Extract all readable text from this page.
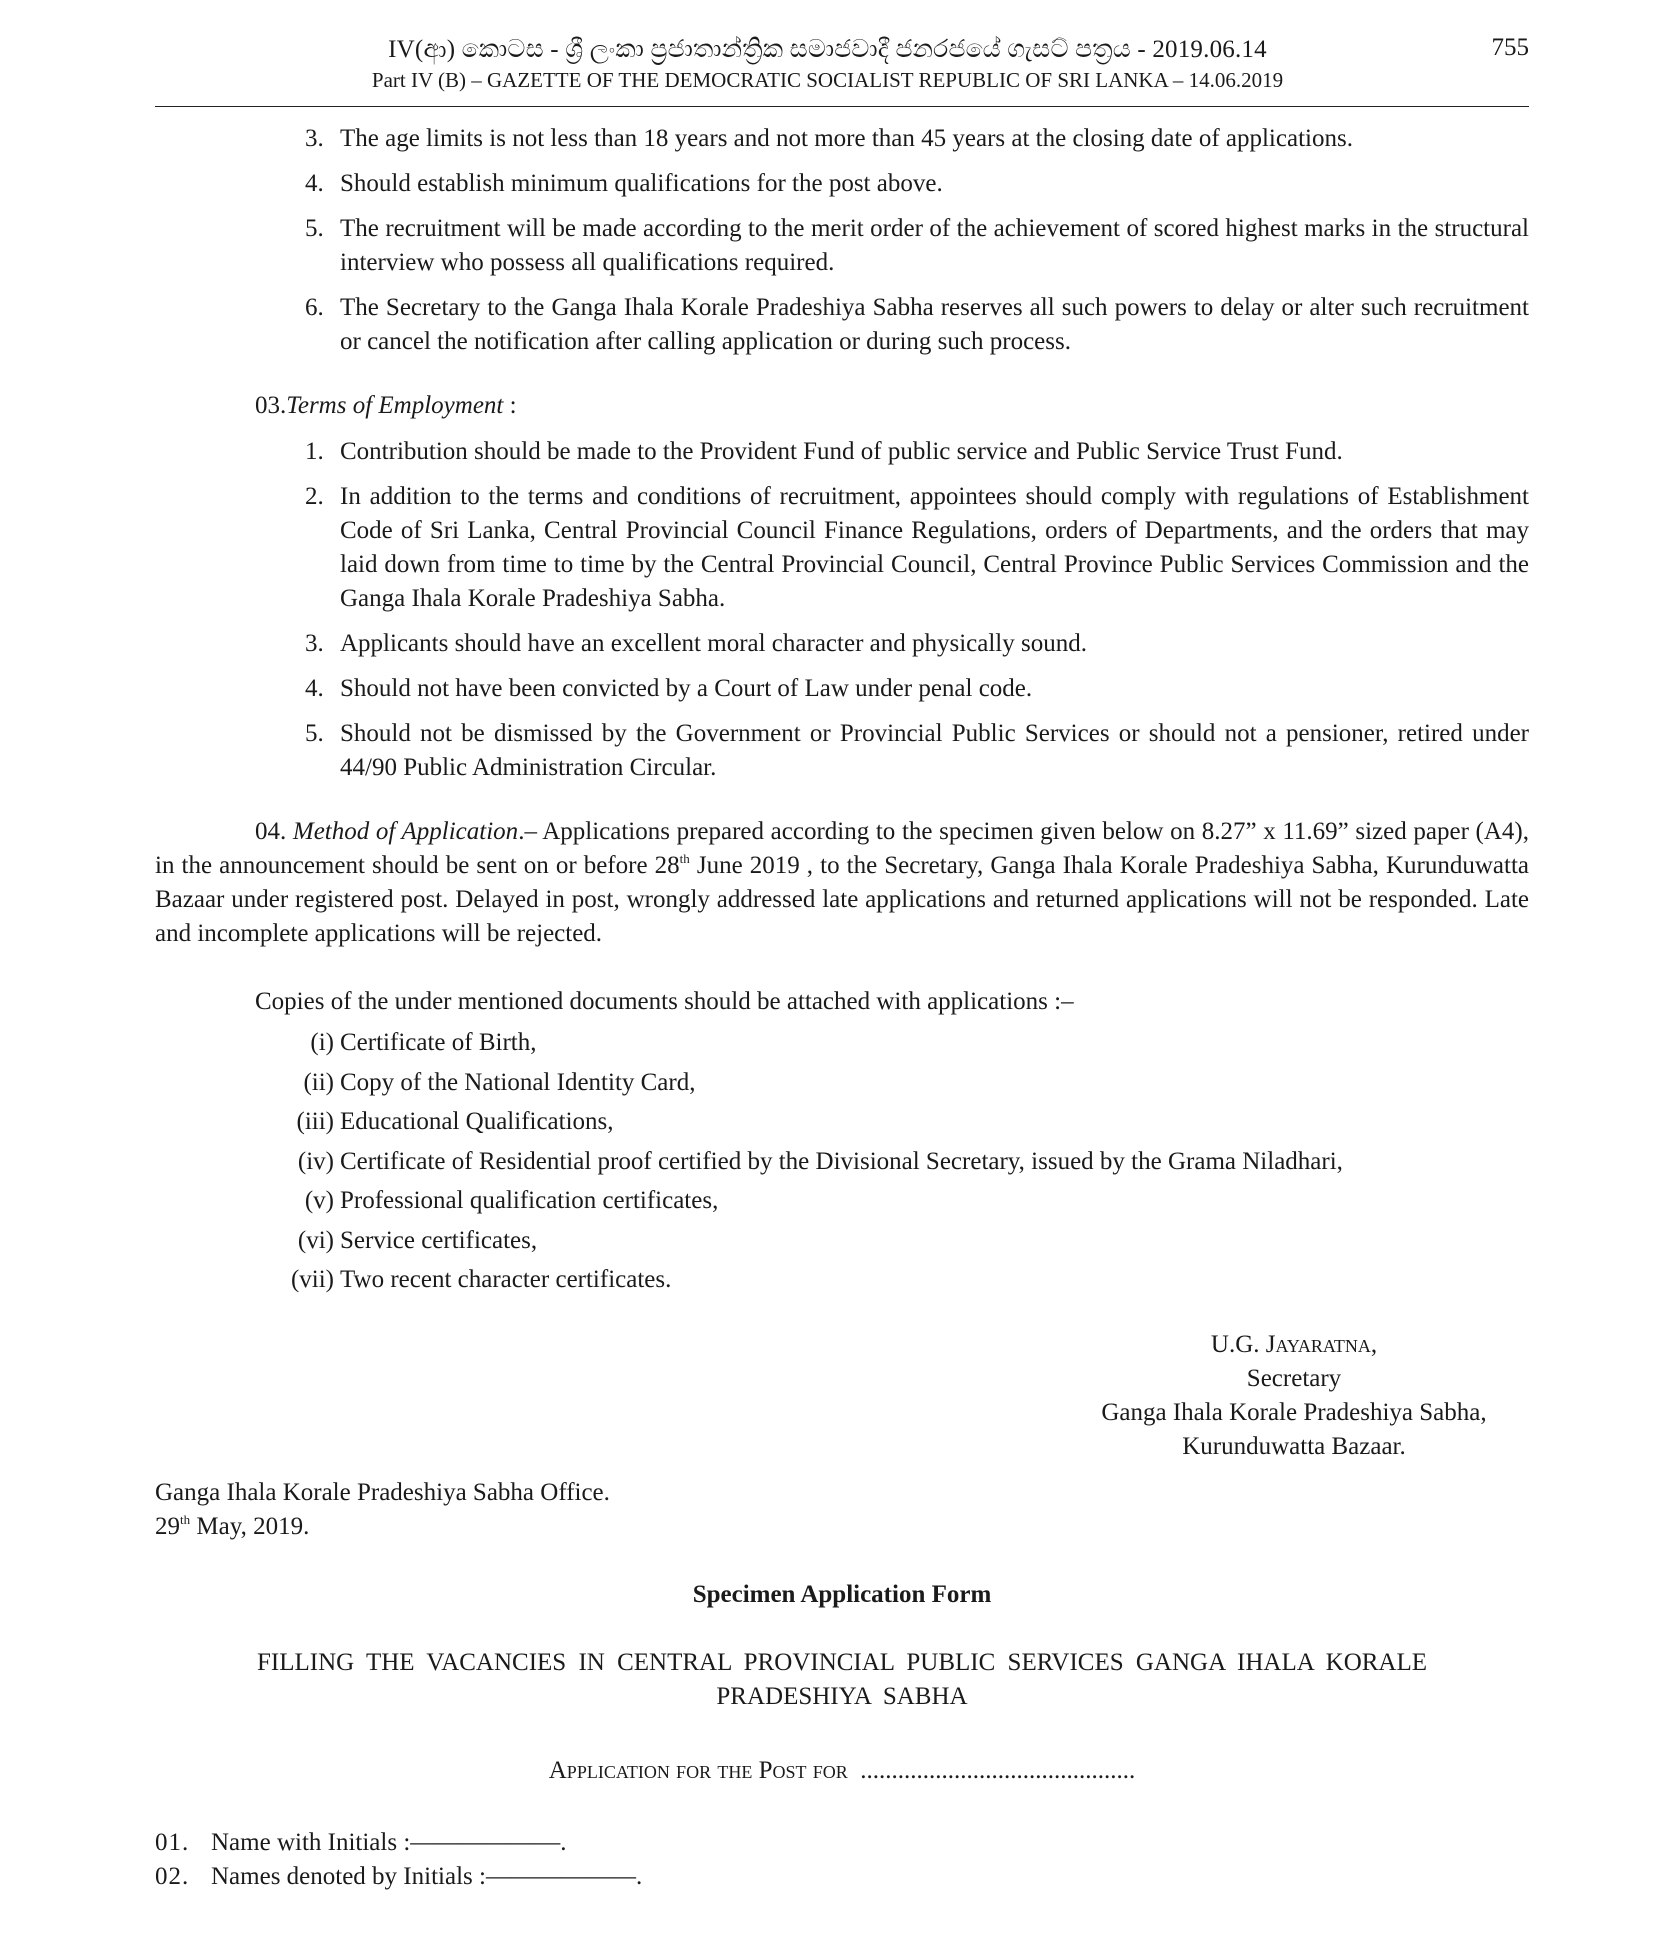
IV(ආ) කොටස - ශ්‍රී ලංකා ප්‍රජාතාන්ත්‍රික සමාජවාදී ජනරජයේ ගැසට් පත්‍රය - 2019.06.14
Part IV (B) – GAZETTE OF THE DEMOCRATIC SOCIALIST REPUBLIC OF SRI LANKA – 14.06.2019
755
3. The age limits is not less than 18 years and not more than 45 years at the closing date of applications.
4. Should establish minimum qualifications for the post above.
5. The recruitment will be made according to the merit order of the achievement of scored highest marks in the structural interview who possess all qualifications required.
6. The Secretary to the Ganga Ihala Korale Pradeshiya Sabha reserves all such powers to delay or alter such recruitment or cancel the notification after calling application or during such process.
03.Terms of Employment :
1. Contribution should be made to the Provident Fund of public service and Public Service Trust Fund.
2. In addition to the terms and conditions of recruitment, appointees should comply with regulations of Establishment Code of Sri Lanka, Central Provincial Council Finance Regulations, orders of Departments, and the orders that may laid down from time to time by the Central Provincial Council, Central Province Public Services Commission and the Ganga Ihala Korale Pradeshiya Sabha.
3. Applicants should have an excellent moral character and physically sound.
4. Should not have been convicted by a Court of Law under penal code.
5. Should not be dismissed by the Government or Provincial Public Services or should not a pensioner, retired under 44/90 Public Administration Circular.

04. Method of Application.– Applications prepared according to the specimen given below on 8.27” x 11.69” sized paper (A4), in the announcement should be sent on or before 28th June 2019 , to the Secretary, Ganga Ihala Korale Pradeshiya Sabha, Kurunduwatta Bazaar under registered post. Delayed in post, wrongly addressed late applications and returned applications will not be responded. Late and incomplete applications will be rejected.

Copies of the under mentioned documents should be attached with applications :–
(i) Certificate of Birth,
(ii) Copy of the National Identity Card,
(iii) Educational Qualifications,
(iv) Certificate of Residential proof certified by the Divisional Secretary, issued by the Grama Niladhari,
(v) Professional qualification certificates,
(vi) Service certificates,
(vii) Two recent character certificates.
U.G. Jayaratna,
Secretary
Ganga Ihala Korale Pradeshiya Sabha,
Kurunduwatta Bazaar.
Ganga Ihala Korale Pradeshiya Sabha Office.
29th May, 2019.
Specimen Application Form
FILLING THE VACANCIES IN CENTRAL PROVINCIAL PUBLIC SERVICES GANGA IHALA KORALE PRADESHIYA SABHA
Application for the Post for ............................................
01. Name with Initials :——————.
02. Names denoted by Initials :——————.
